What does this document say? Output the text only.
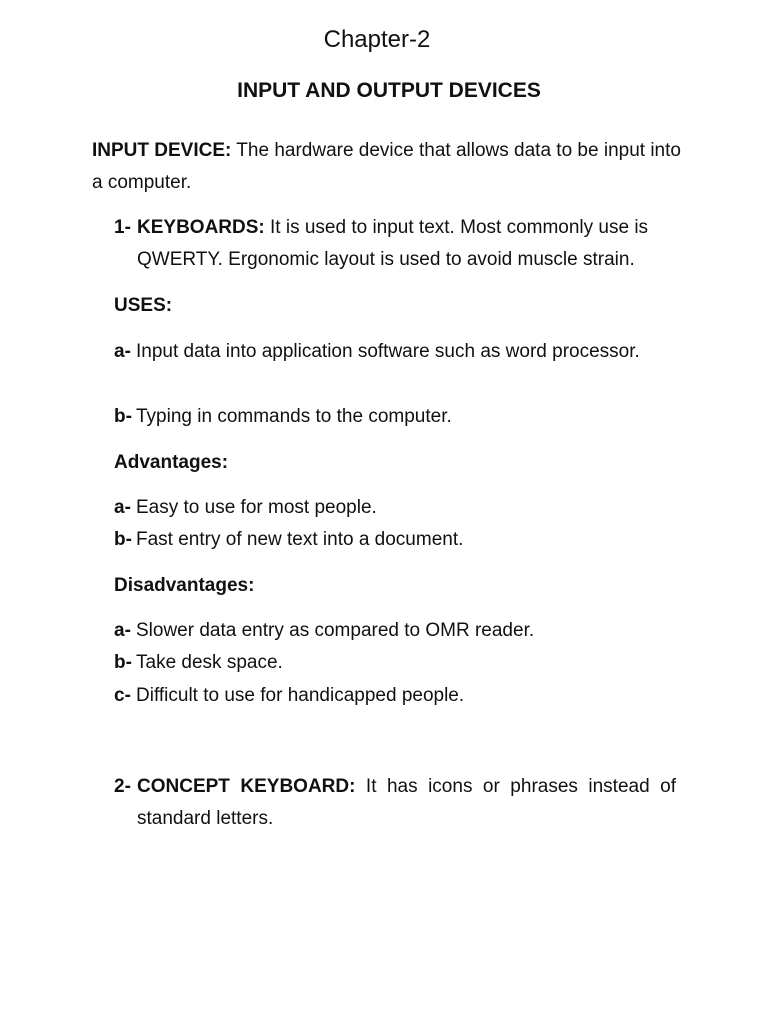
Chapter-2
INPUT AND OUTPUT DEVICES
INPUT DEVICE: The hardware device that allows data to be input into a computer.
1- KEYBOARDS: It is used to input text. Most commonly use is QWERTY. Ergonomic layout is used to avoid muscle strain.
USES:
a- Input data into application software such as word processor.
b- Typing in commands to the computer.
Advantages:
a- Easy to use for most people.
b- Fast entry of new text into a document.
Disadvantages:
a- Slower data entry as compared to OMR reader.
b- Take desk space.
c- Difficult to use for handicapped people.
2- CONCEPT KEYBOARD: It has icons or phrases instead of standard letters.
